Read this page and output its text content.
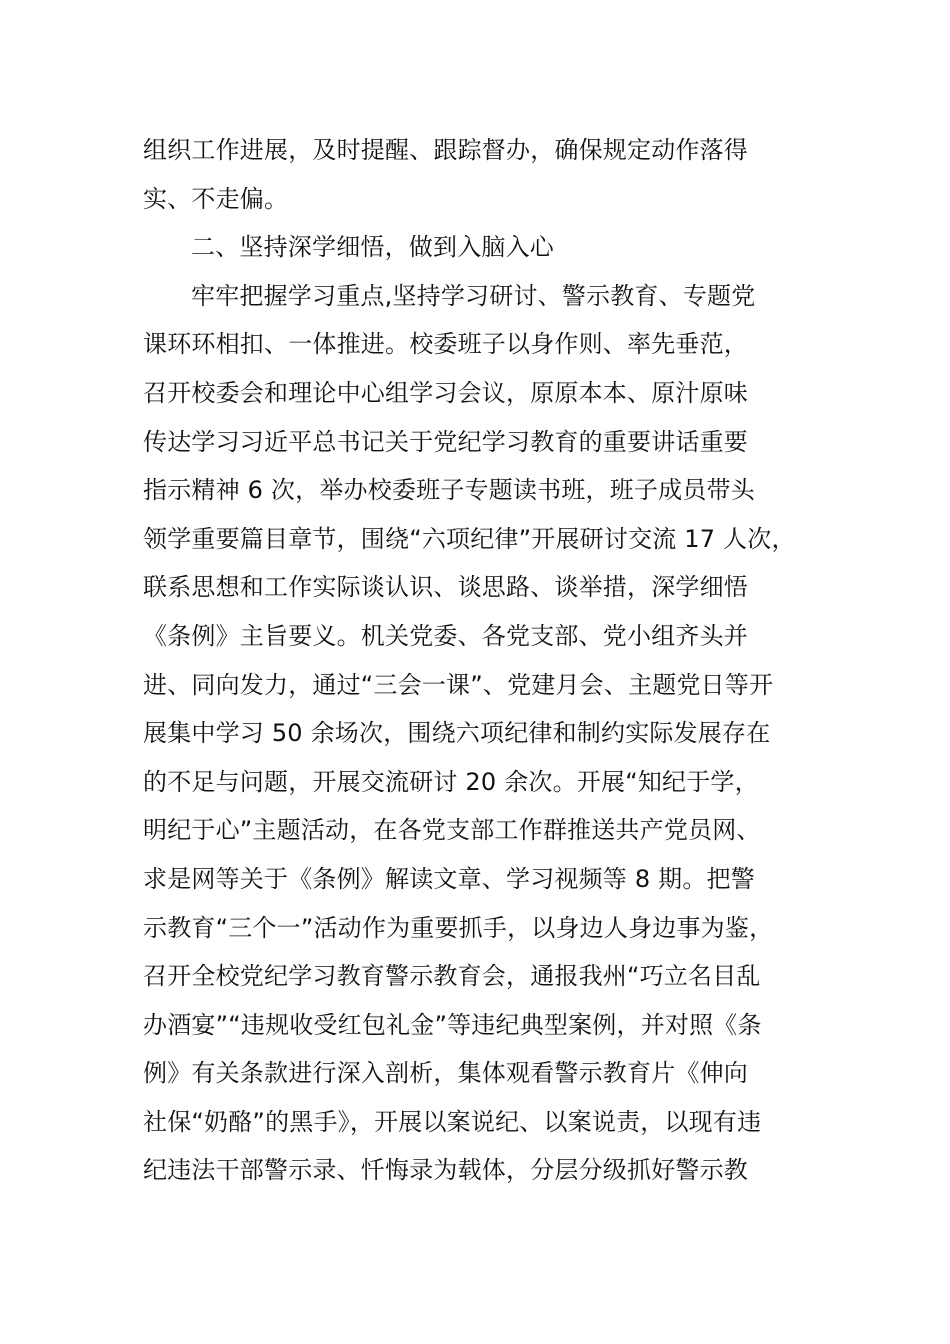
组织工作进展，及时提醒、跟踪督办，确保规定动作落得
实、不走偏。
二、坚持深学细悟，做到入脑入心
牢牢把握学习重点,坚持学习研讨、警示教育、专题党
课环环相扣、一体推进。校委班子以身作则、率先垂范，
召开校委会和理论中心组学习会议，原原本本、原汁原味
传达学习习近平总书记关于党纪学习教育的重要讲话重要
指示精神 6 次，举办校委班子专题读书班，班子成员带头
领学重要篇目章节，围绕“六项纪律”开展研讨交流 17 人次，
联系思想和工作实际谈认识、谈思路、谈举措，深学细悟
《条例》主旨要义。机关党委、各党支部、党小组齐头并
进、同向发力，通过“三会一课”、党建月会、主题党日等开
展集中学习 50 余场次，围绕六项纪律和制约实际发展存在
的不足与问题，开展交流研讨 20 余次。开展“知纪于学，
明纪于心”主题活动，在各党支部工作群推送共产党员网、
求是网等关于《条例》解读文章、学习视频等 8 期。把警
示教育“三个一”活动作为重要抓手，以身边人身边事为鉴，
召开全校党纪学习教育警示教育会，通报我州“巧立名目乱
办酒宴”“违规收受红包礼金”等违纪典型案例，并对照《条
例》有关条款进行深入剖析，集体观看警示教育片《伸向
社保“奶酪”的黑手》，开展以案说纪、以案说责，以现有违
纪违法干部警示录、忏悔录为载体，分层分级抓好警示教
